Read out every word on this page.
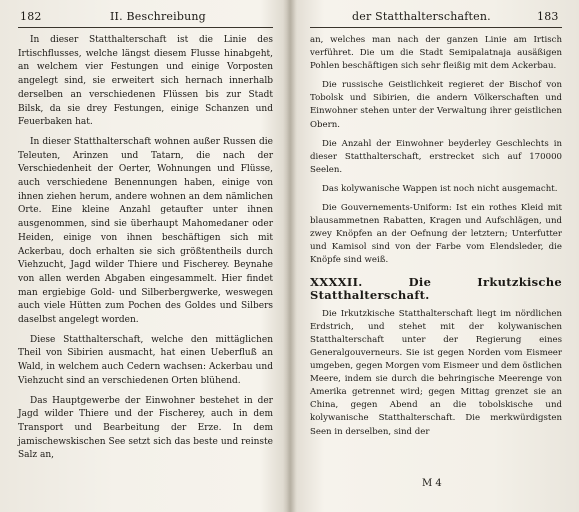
182	II. Beschreibung

In dieser Statthalterschaft ist die Linie des Irtischflusses, welche längst diesem Flusse hinabgeht, an welchem vier Festungen und einige Vorposten angelegt sind, sie erweitert sich hernach innerhalb derselben an verschiedenen Flüssen bis zur Stadt Bilsk, da sie drey Festungen, einige Schanzen und Feuerbaken hat.

In dieser Statthalterschaft wohnen außer Russen die Teleuten, Arinzen und Tatarn, die nach der Verschiedenheit der Oerter, Wohnungen und Flüsse, auch verschiedene Benennungen haben, einige von ihnen ziehen herum, andere wohnen an dem nämlichen Orte. Eine kleine Anzahl getaufter unter ihnen ausgenommen, sind sie überhaupt Mahomedaner oder Heiden, einige von ihnen beschäftigen sich mit Ackerbau, doch erhalten sie sich größtentheils durch Viehzucht, Jagd wilder Thiere und Fischerey. Beynahe von allen werden Abgaben eingesammelt. Hier findet man ergiebige Gold- und Silberbergwerke, weswegen auch viele Hütten zum Pochen des Goldes und Silbers daselbst angelegt worden.

Diese Statthalterschaft, welche den mittäglichen Theil von Sibirien ausmacht, hat einen Ueberfluß an Wald, in welchem auch Cedern wachsen: Ackerbau und Viehzucht sind an verschiedenen Orten blühend.

Das Hauptgewerbe der Einwohner bestehet in der Jagd wilder Thiere und der Fischerey, auch in dem Transport und Bearbeitung der Erze. In dem jamischewskischen See setzt sich das beste und reinste Salz an,

der Statthalterschaften.	183

an, welches man nach der ganzen Linie am Irtisch verführet. Die um die Stadt Semipalatnaja ausäßigen Pohlen beschäftigen sich sehr fleißig mit dem Ackerbau.

Die russische Geistlichkeit regieret der Bischof von Tobolsk und Sibirien, die andern Völkerschaften und Einwohner stehen unter der Verwaltung ihrer geistlichen Obern.

Die Anzahl der Einwohner beyderley Geschlechts in dieser Statthalterschaft, erstrecket sich auf 170000 Seelen.

Das kolywanische Wappen ist noch nicht ausgemacht.

Die Gouvernements-Uniform: Ist ein rothes Kleid mit blausammetnen Rabatten, Kragen und Aufschlägen, und zwey Knöpfen an der Oefnung der letztern; Unterfutter und Kamisol sind von der Farbe vom Elendsleder, die Knöpfe sind weiß.

XXXXII. Die Irkutzkische Statthalterschaft.

Die Irkutzkische Statthalterschaft liegt im nördlichen Erdstrich, und stehet mit der kolywanischen Statthalterschaft unter der Regierung eines Generalgouverneurs. Sie ist gegen Norden vom Eismeer umgeben, gegen Morgen vom Eismeer und dem östlichen Meere, indem sie durch die behringische Meerenge von Amerika getrennet wird; gegen Mittag grenzet sie an China, gegen Abend an die tobolskische und kolywanische Statthalterschaft. Die merkwürdigsten Seen in derselben, sind der

M 4
